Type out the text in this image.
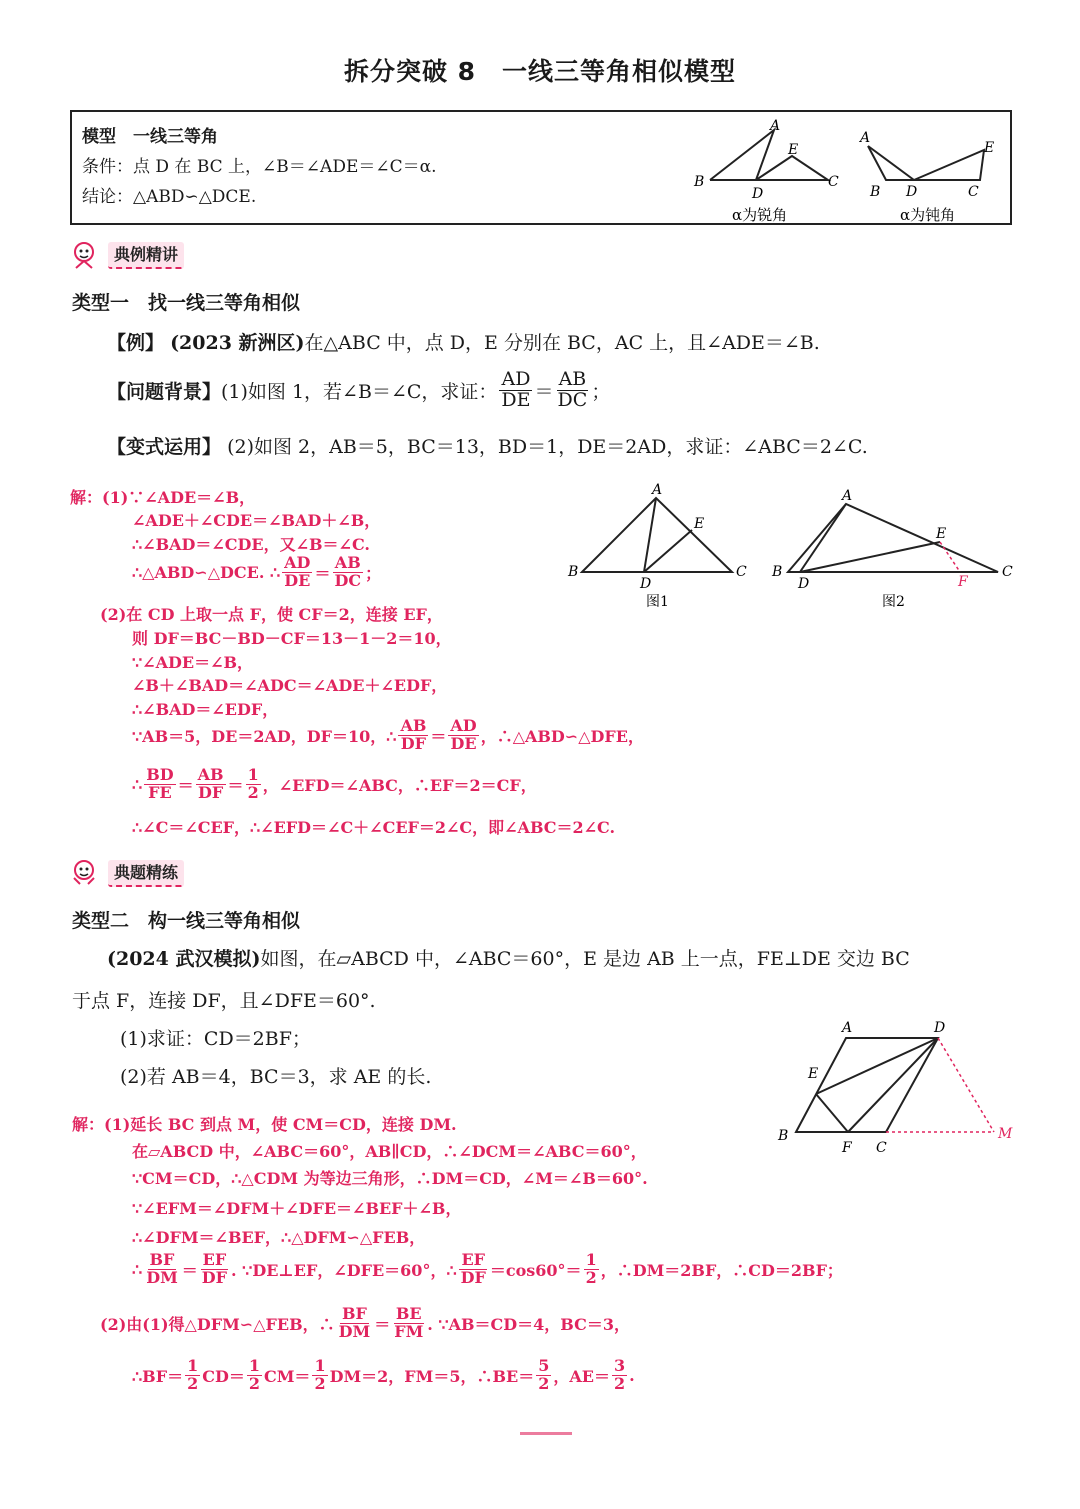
拆分突破 8　一线三等角相似模型
模型　一线三等角
条件：点 D 在 BC 上，∠B＝∠ADE＝∠C＝α.
结论：△ABD∽△DCE.
A
B	C
D
E
A
B	C
D
E
α为锐角	α为钝角
典例精讲
类型一　找一线三等角相似
【例】 (2023 新洲区)在△ABC 中，点 D，E 分别在 BC，AC 上，且∠ADE＝∠B.
【问题背景】 (1)如图 1，若∠B＝∠C，求证： $\frac{AD}{DE} = \frac{AB}{DC}$ ；
【变式运用】 (2)如图 2，AB＝5，BC＝13，BD＝1，DE＝2AD，求证：∠ABC＝2∠C.
A
B	C
D
E
图1
A
B	C
D
E
F
图2
解：(1)∵∠ADE＝∠B，
∠ADE＋∠CDE＝∠BAD＋∠B，
∴∠BAD＝∠CDE，又∠B＝∠C.
∴△ABD∽△DCE. ∴ $\frac{AD}{DE} = \frac{AB}{DC}$ ；
(2)在 CD 上取一点 F，使 CF＝2，连接 EF，
则 DF＝BC－BD－CF＝13－1－2＝10，
∵∠ADE＝∠B，
∠B＋∠BAD＝∠ADC＝∠ADE＋∠EDF，
∴∠BAD＝∠EDF，
∵AB＝5，DE＝2AD，DF＝10，∴ $\frac{AB}{DF} = \frac{AD}{DE}$ ，∴△ABD∽△DFE，
∴ $\frac{BD}{FE} = \frac{AB}{DF} = \frac{1}{2}$ ，∠EFD＝∠ABC，∴EF＝2＝CF，
∴∠C＝∠CEF，∴∠EFD＝∠C＋∠CEF＝2∠C，即∠ABC＝2∠C.
典题精练
类型二　构一线三等角相似
(2024 武汉模拟)如图，在▱ABCD 中，∠ABC＝60°，E 是边 AB 上一点，FE⊥DE 交边 BC
于点 F，连接 DF，且∠DFE＝60°.
(1)求证：CD＝2BF；
(2)若 AB＝4，BC＝3，求 AE 的长.
A	D
E
B
F C
M
解：(1)延长 BC 到点 M，使 CM＝CD，连接 DM.
在▱ABCD 中，∠ABC＝60°，AB∥CD，∴∠DCM＝∠ABC＝60°，
∵CM＝CD，∴△CDM 为等边三角形，∴DM＝CD，∠M＝∠B＝60°.
∵∠EFM＝∠DFM＋∠DFE＝∠BEF＋∠B，
∴∠DFM＝∠BEF，∴△DFM∽△FEB，
∴ $\frac{BF}{DM} = \frac{EF}{DF}$ . ∵DE⊥EF，∠DFE＝60°，∴ $\frac{EF}{DF} =\cos 60^\circ= \frac{1}{2}$ ，∴DM＝2BF，∴CD＝2BF；
(2)由(1)得△DFM∽△FEB，∴ $\frac{BF}{DM} = \frac{BE}{FM}$ . ∵AB＝CD＝4，BC＝3，
∴BF＝ $\frac{1}{2} CD= \frac{1}{2} CM= \frac{1}{2} DM=2$，FM＝5，∴BE＝ $\frac{5}{2}$ ，$AE= \frac{3}{2}$ .
